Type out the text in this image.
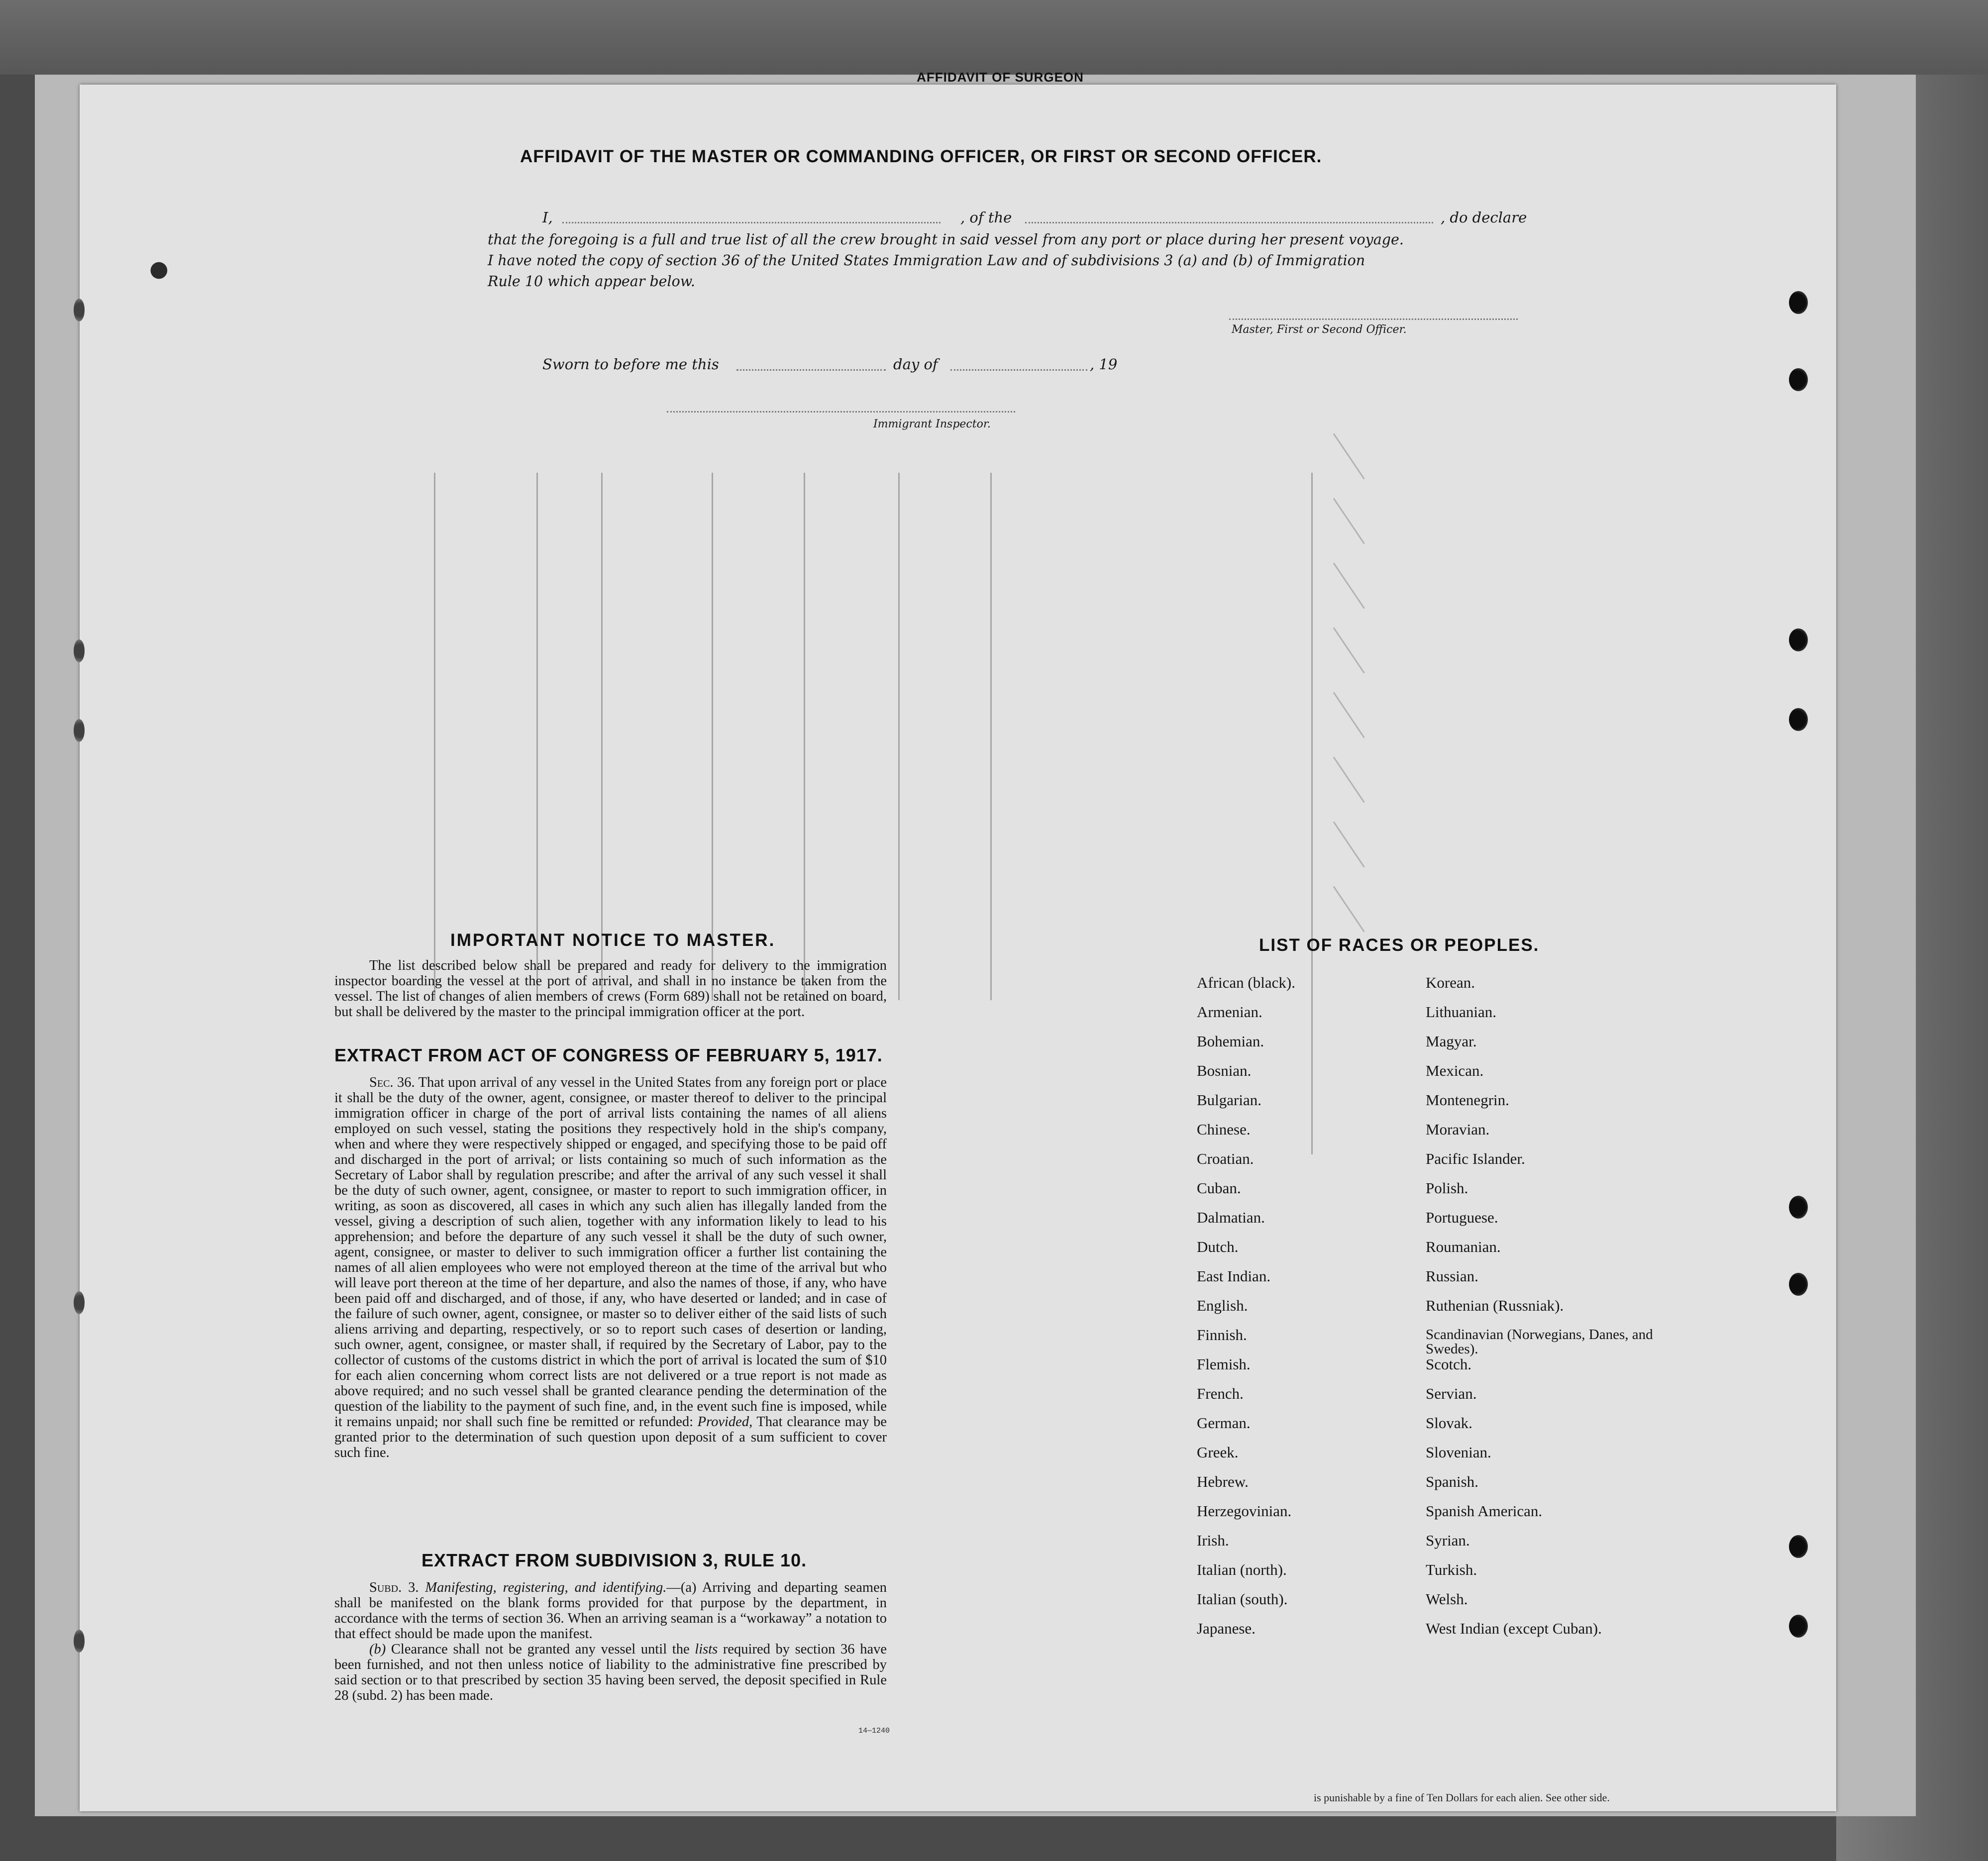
AFFIDAVIT OF SURGEON
AFFIDAVIT OF THE MASTER OR COMMANDING OFFICER, OR FIRST OR SECOND OFFICER.
I,	, of the	, do declare
that the foregoing is a full and true list of all the crew brought in said vessel from any port or place during her present voyage.
I have noted the copy of section 36 of the United States Immigration Law and of subdivisions 3 (a) and (b) of Immigration
Rule 10 which appear below.
Master, First or Second Officer.
Sworn to before me this	day of	, 19
Immigrant Inspector.
●
IMPORTANT NOTICE TO MASTER.

The list described below shall be prepared and ready for delivery to the immigration inspector boarding the vessel at the port of arrival, and shall in no instance be taken from the vessel. The list of changes of alien members of crews (Form 689) shall not be retained on board, but shall be delivered by the master to the principal immigration officer at the port.

EXTRACT FROM ACT OF CONGRESS OF FEBRUARY 5, 1917.

Sec. 36. That upon arrival of any vessel in the United States from any foreign port or place it shall be the duty of the owner, agent, consignee, or master thereof to deliver to the principal immigration officer in charge of the port of arrival lists containing the names of all aliens employed on such vessel, stating the positions they respectively hold in the ship's company, when and where they were respectively shipped or engaged, and specifying those to be paid off and discharged in the port of arrival; or lists containing so much of such information as the Secretary of Labor shall by regulation prescribe; and after the arrival of any such vessel it shall be the duty of such owner, agent, consignee, or master to report to such immigration officer, in writing, as soon as discovered, all cases in which any such alien has illegally landed from the vessel, giving a description of such alien, together with any information likely to lead to his apprehension; and before the departure of any such vessel it shall be the duty of such owner, agent, consignee, or master to deliver to such immigration officer a further list containing the names of all alien employees who were not employed thereon at the time of the arrival but who will leave port thereon at the time of her departure, and also the names of those, if any, who have been paid off and discharged, and of those, if any, who have deserted or landed; and in case of the failure of such owner, agent, consignee, or master so to deliver either of the said lists of such aliens arriving and departing, respectively, or so to report such cases of desertion or landing, such owner, agent, consignee, or master shall, if required by the Secretary of Labor, pay to the collector of customs of the customs district in which the port of arrival is located the sum of $10 for each alien concerning whom correct lists are not delivered or a true report is not made as above required; and no such vessel shall be granted clearance pending the determination of the question of the liability to the payment of such fine, and, in the event such fine is imposed, while it remains unpaid; nor shall such fine be remitted or refunded: Provided, That clearance may be granted prior to the determination of such question upon deposit of a sum sufficient to cover such fine.

EXTRACT FROM SUBDIVISION 3, RULE 10.

Subd. 3. Manifesting, registering, and identifying.—(a) Arriving and departing seamen shall be manifested on the blank forms provided for that purpose by the department, in accordance with the terms of section 36. When an arriving seaman is a “workaway” a notation to that effect should be made upon the manifest.

(b) Clearance shall not be granted any vessel until the lists required by section 36 have been furnished, and not then unless notice of liability to the administrative fine prescribed by said section or to that prescribed by section 35 having been served, the deposit specified in Rule 28 (subd. 2) has been made.

14—1240
LIST OF RACES OR PEOPLES.
African (black).	Korean.
Armenian.	Lithuanian.
Bohemian.	Magyar.
Bosnian.	Mexican.
Bulgarian.	Montenegrin.
Chinese.	Moravian.
Croatian.	Pacific Islander.
Cuban.	Polish.
Dalmatian.	Portuguese.
Dutch.	Roumanian.
East Indian.	Russian.
English.	Ruthenian (Russniak).
Finnish.	Scandinavian (Norwegians, Danes, and Swedes).
Flemish.	Scotch.
French.	Servian.
German.	Slovak.
Greek.	Slovenian.
Hebrew.	Spanish.
Herzegovinian.	Spanish American.
Irish.	Syrian.
Italian (north).	Turkish.
Italian (south).	Welsh.
Japanese.	West Indian (except Cuban).
is punishable by a fine of Ten Dollars for each alien. See other side.
